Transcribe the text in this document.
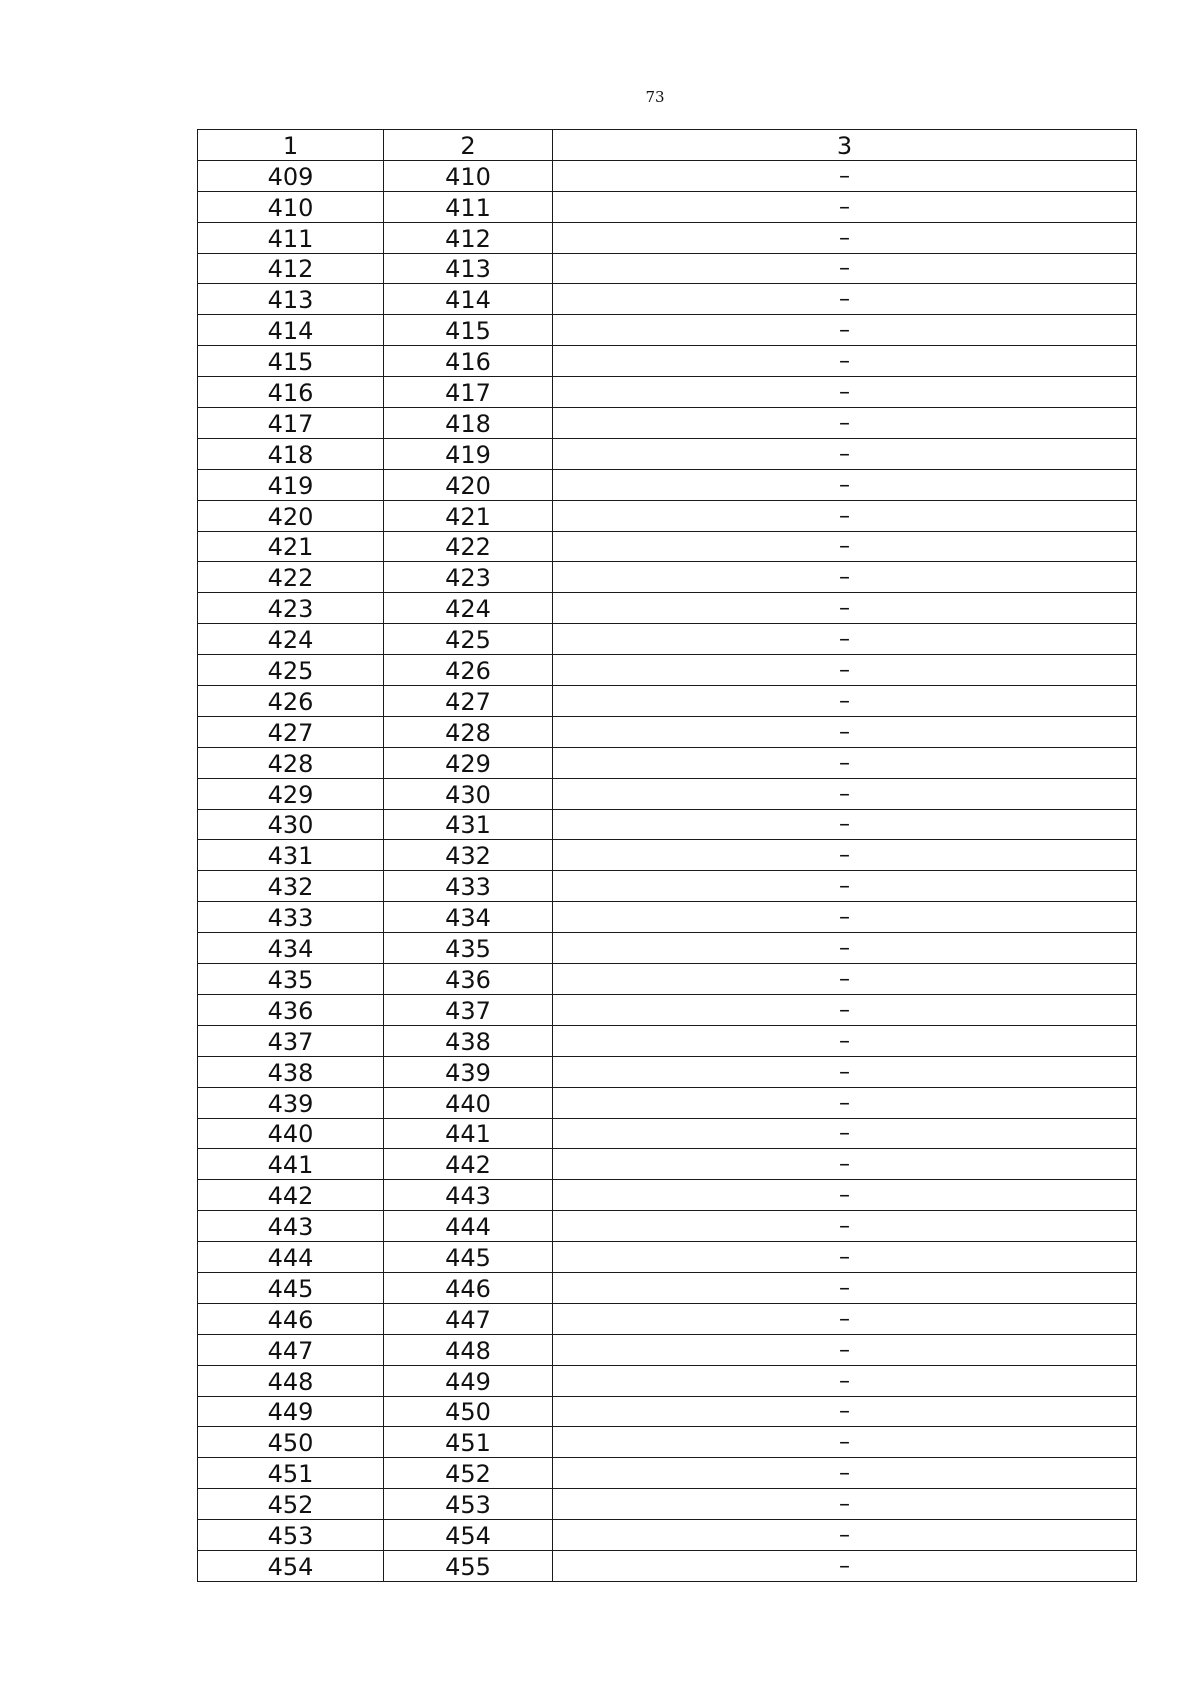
73
1	2	3
409	410	–
410	411	–
411	412	–
412	413	–
413	414	–
414	415	–
415	416	–
416	417	–
417	418	–
418	419	–
419	420	–
420	421	–
421	422	–
422	423	–
423	424	–
424	425	–
425	426	–
426	427	–
427	428	–
428	429	–
429	430	–
430	431	–
431	432	–
432	433	–
433	434	–
434	435	–
435	436	–
436	437	–
437	438	–
438	439	–
439	440	–
440	441	–
441	442	–
442	443	–
443	444	–
444	445	–
445	446	–
446	447	–
447	448	–
448	449	–
449	450	–
450	451	–
451	452	–
452	453	–
453	454	–
454	455	–
